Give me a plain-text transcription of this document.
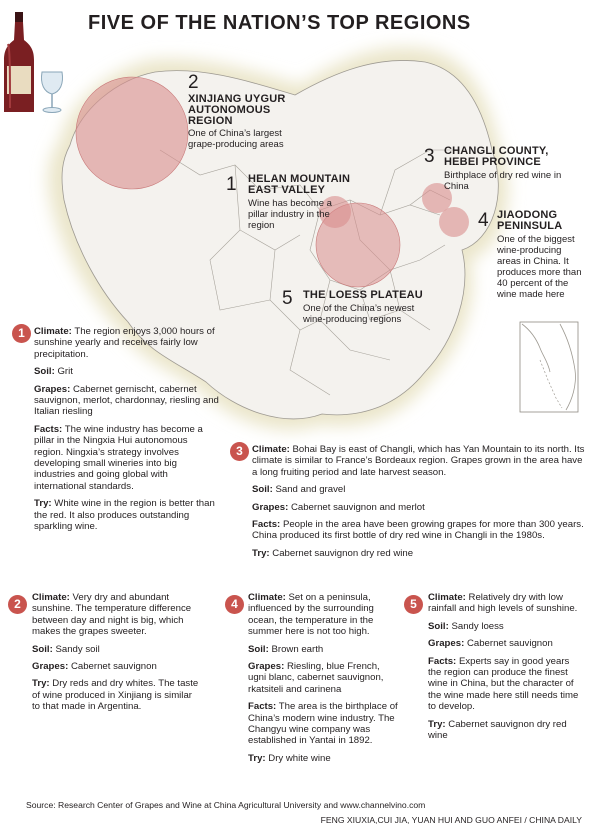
FIVE OF THE NATION’S TOP REGIONS
2
XINJIANG UYGUR
AUTONOMOUS
REGION
One of China’s largest
grape-producing areas
1 HELAN MOUNTAIN
EAST VALLEY
Wine has become a
pillar industry in the
region
3 CHANGLI COUNTY,
HEBEI PROVINCE
Birthplace of dry red wine in
China
4 JIAODONG
PENINSULA
One of the biggest
wine-producing
areas in China. It
produces more than
40 percent of the
wine made here
5 THE LOESS PLATEAU
One of the China’s newest
wine-producing regions
1 Climate: The region enjoys 3,000 hours of sunshine yearly and receives fairly low precipitation.

Soil: Grit

Grapes: Cabernet gernischt, cabernet sauvignon, merlot, chardonnay, riesling and Italian riesling

Facts: The wine industry has become a pillar in the Ningxia Hui autonomous region. Ningxia’s strategy involves developing small wineries into big industries and going global with international standards.

Try: White wine in the region is better than the red. It also produces outstanding sparkling wine.

3 Climate: Bohai Bay is east of Changli, which has Yan Mountain to its north. Its climate is similar to France’s Bordeaux region. Grapes grown in the area have a long fruiting period and late harvest season.

Soil: Sand and gravel

Grapes: Cabernet sauvignon and merlot

Facts: People in the area have been growing grapes for more than 300 years. China produced its first bottle of dry red wine in Changli in the 1980s.

Try: Cabernet sauvignon dry red wine

2	Climate: Very dry and abundant sunshine. The temperature difference between day and night is big, which makes the grapes sweeter.

Soil: Sandy soil

Grapes: Cabernet sauvignon

Try: Dry reds and dry whites. The taste of wine produced in Xinjiang is similar to that made in Argentina.

4	Climate: Set on a peninsula, influenced by the surrounding ocean, the temperature in the summer here is not too high.

Soil: Brown earth

Grapes: Riesling, blue French, ugni blanc, cabernet sauvignon, rkatsiteli and carinena

Facts: The area is the birthplace of China’s modern wine industry. The Changyu wine company was established in Yantai in 1892.

Try: Dry white wine

5	Climate: Relatively dry with low rainfall and high levels of sunshine.

Soil: Sandy loess

Grapes: Cabernet sauvignon

Facts: Experts say in good years the region can produce the finest wine in China, but the character of the wine made here still needs time to develop.

Try: Cabernet sauvignon dry red wine

Source: Research Center of Grapes and Wine at China Agricultural University and www.channelvino.com
FENG XIUXIA,CUI JIA, YUAN HUI AND GUO ANFEI / CHINA DAILY
